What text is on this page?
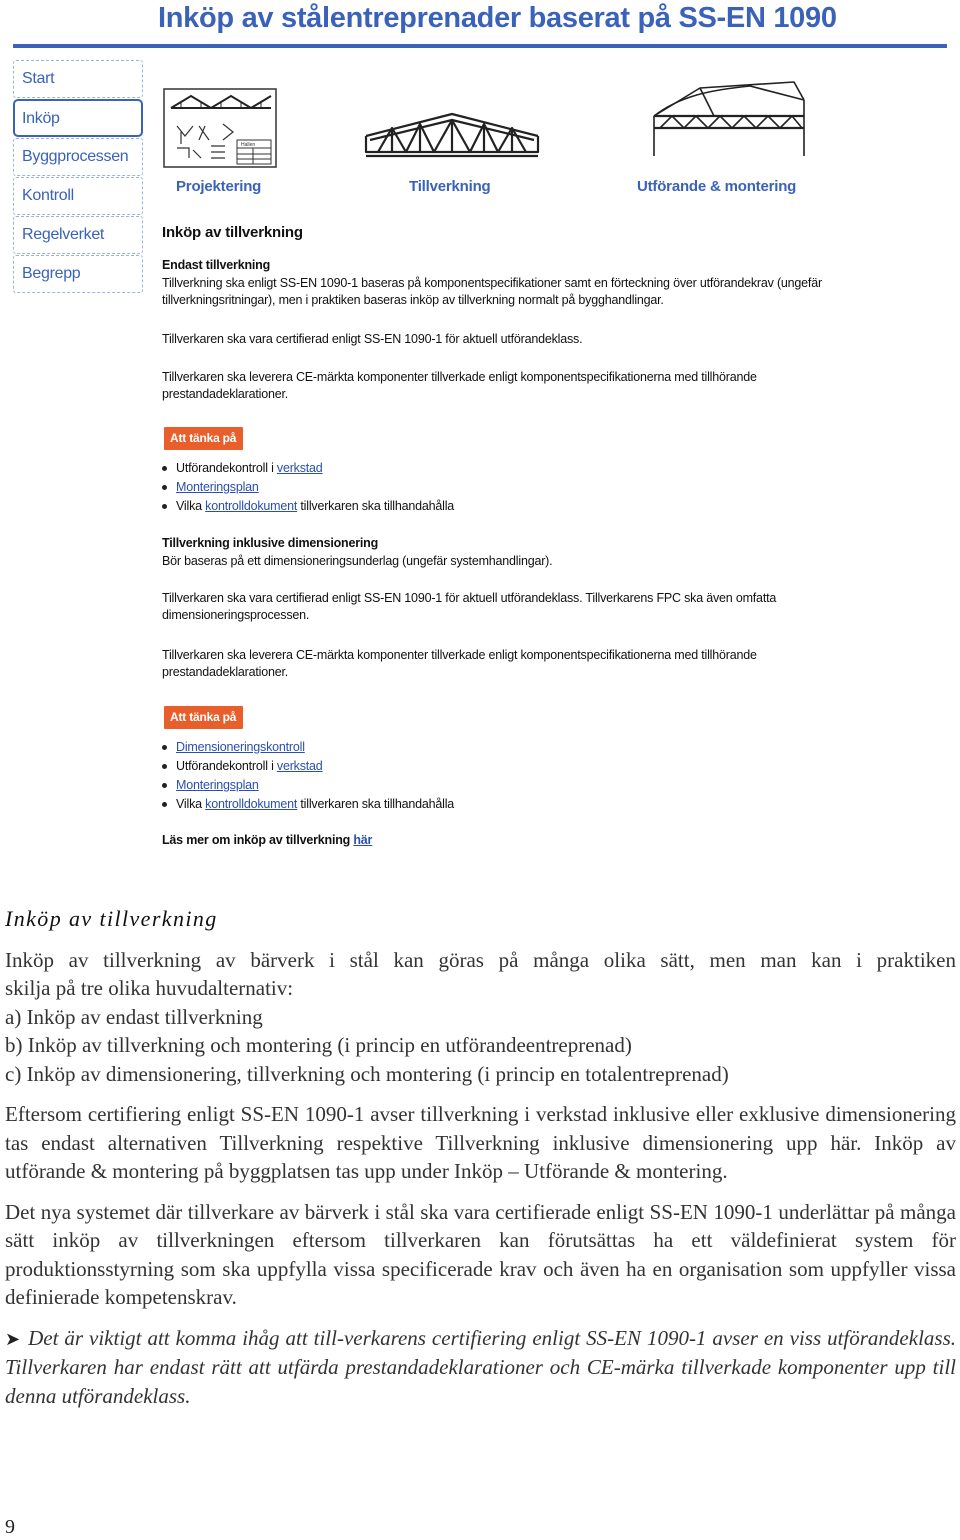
Inköp av stålentreprenader baserat på SS-EN 1090
Start
Inköp
Byggprocessen
Kontroll
Regelverket
Begrepp
Hallen
Projektering	Tillverkning	Utförande & montering
Inköp av tillverkning
Endast tillverkning
Tillverkning ska enligt SS-EN 1090-1 baseras på komponentspecifikationer samt en förteckning över utförandekrav (ungefär
tillverkningsritningar), men i praktiken baseras inköp av tillverkning normalt på bygghandlingar.
Tillverkaren ska vara certifierad enligt SS-EN 1090-1 för aktuell utförandeklass.
Tillverkaren ska leverera CE-märkta komponenter tillverkade enligt komponentspecifikationerna med tillhörande
prestandadeklarationer.
Att tänka på
Utförandekontroll i verkstad
Monteringsplan
Vilka kontrolldokument tillverkaren ska tillhandahålla
Tillverkning inklusive dimensionering
Bör baseras på ett dimensioneringsunderlag (ungefär systemhandlingar).
Tillverkaren ska vara certifierad enligt SS-EN 1090-1 för aktuell utförandeklass. Tillverkarens FPC ska även omfatta
dimensioneringsprocessen.
Tillverkaren ska leverera CE-märkta komponenter tillverkade enligt komponentspecifikationerna med tillhörande
prestandadeklarationer.
Att tänka på
Dimensioneringskontroll
Utförandekontroll i verkstad
Monteringsplan
Vilka kontrolldokument tillverkaren ska tillhandahålla
Läs mer om inköp av tillverkning här
Inköp av tillverkning

Inköp av tillverkning av bärverk i stål kan göras på många olika sätt, men man kan i praktiken
skilja på tre olika huvudalternativ:
a) Inköp av endast tillverkning
b) Inköp av tillverkning och montering (i princip en utförandeentreprenad)
c) Inköp av dimensionering, tillverkning och montering (i princip en totalentreprenad)

Eftersom certifiering enligt SS-EN 1090-1 avser tillverkning i verkstad inklusive eller exklusive dimensionering tas endast alternativen Tillverkning respektive Tillverkning inklusive dimensionering upp här. Inköp av utförande & montering på byggplatsen tas upp under Inköp – Utförande & montering.

Det nya systemet där tillverkare av bärverk i stål ska vara certifierade enligt SS-EN 1090-1 underlättar på många sätt inköp av tillverkningen eftersom tillverkaren kan förutsättas ha ett väldefinierat system för produktionsstyrning som ska uppfylla vissa specificerade krav och även ha en organisation som uppfyller vissa definierade kompetenskrav.

➤ Det är viktigt att komma ihåg att till-verkarens certifiering enligt SS-EN 1090-1 avser en viss utförandeklass. Tillverkaren har endast rätt att utfärda prestandadeklarationer och CE-märka tillverkade komponenter upp till denna utförandeklass.

9
